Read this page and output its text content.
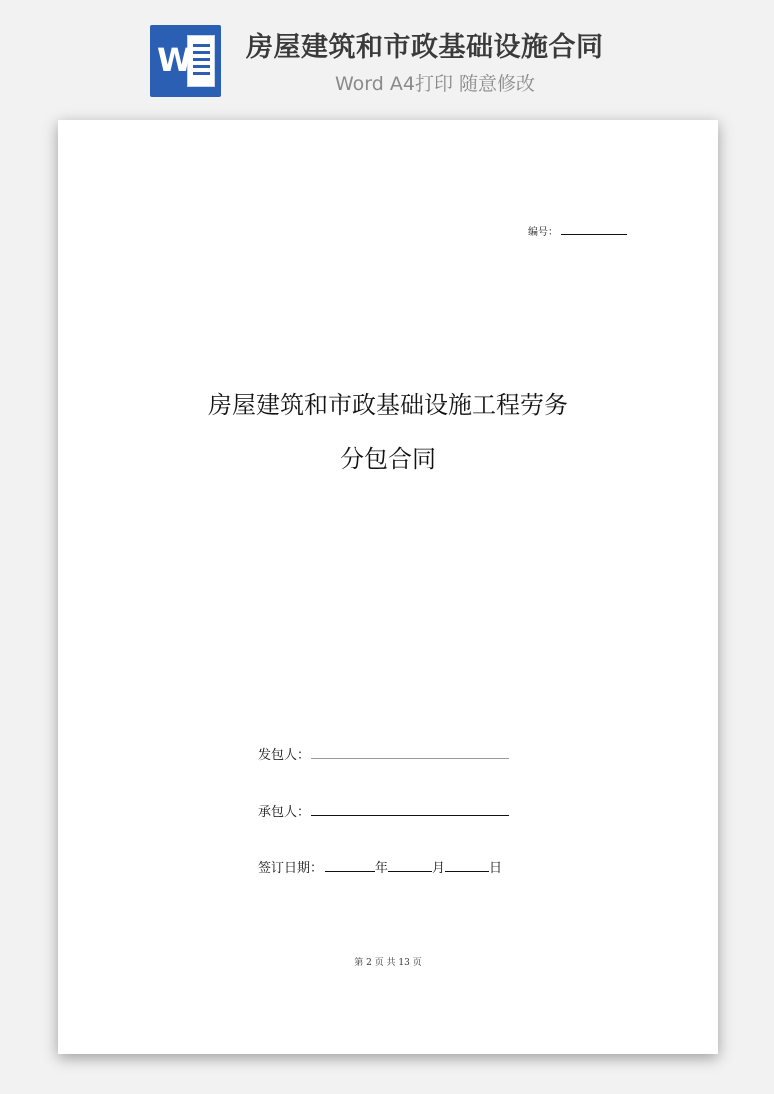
W 房屋建筑和市政基础设施合同
Word A4打印 随意修改
编号：
房屋建筑和市政基础设施工程劳务
分包合同
发包人：
承包人：
签订日期：	年	月	日
第 2 页 共 13 页
